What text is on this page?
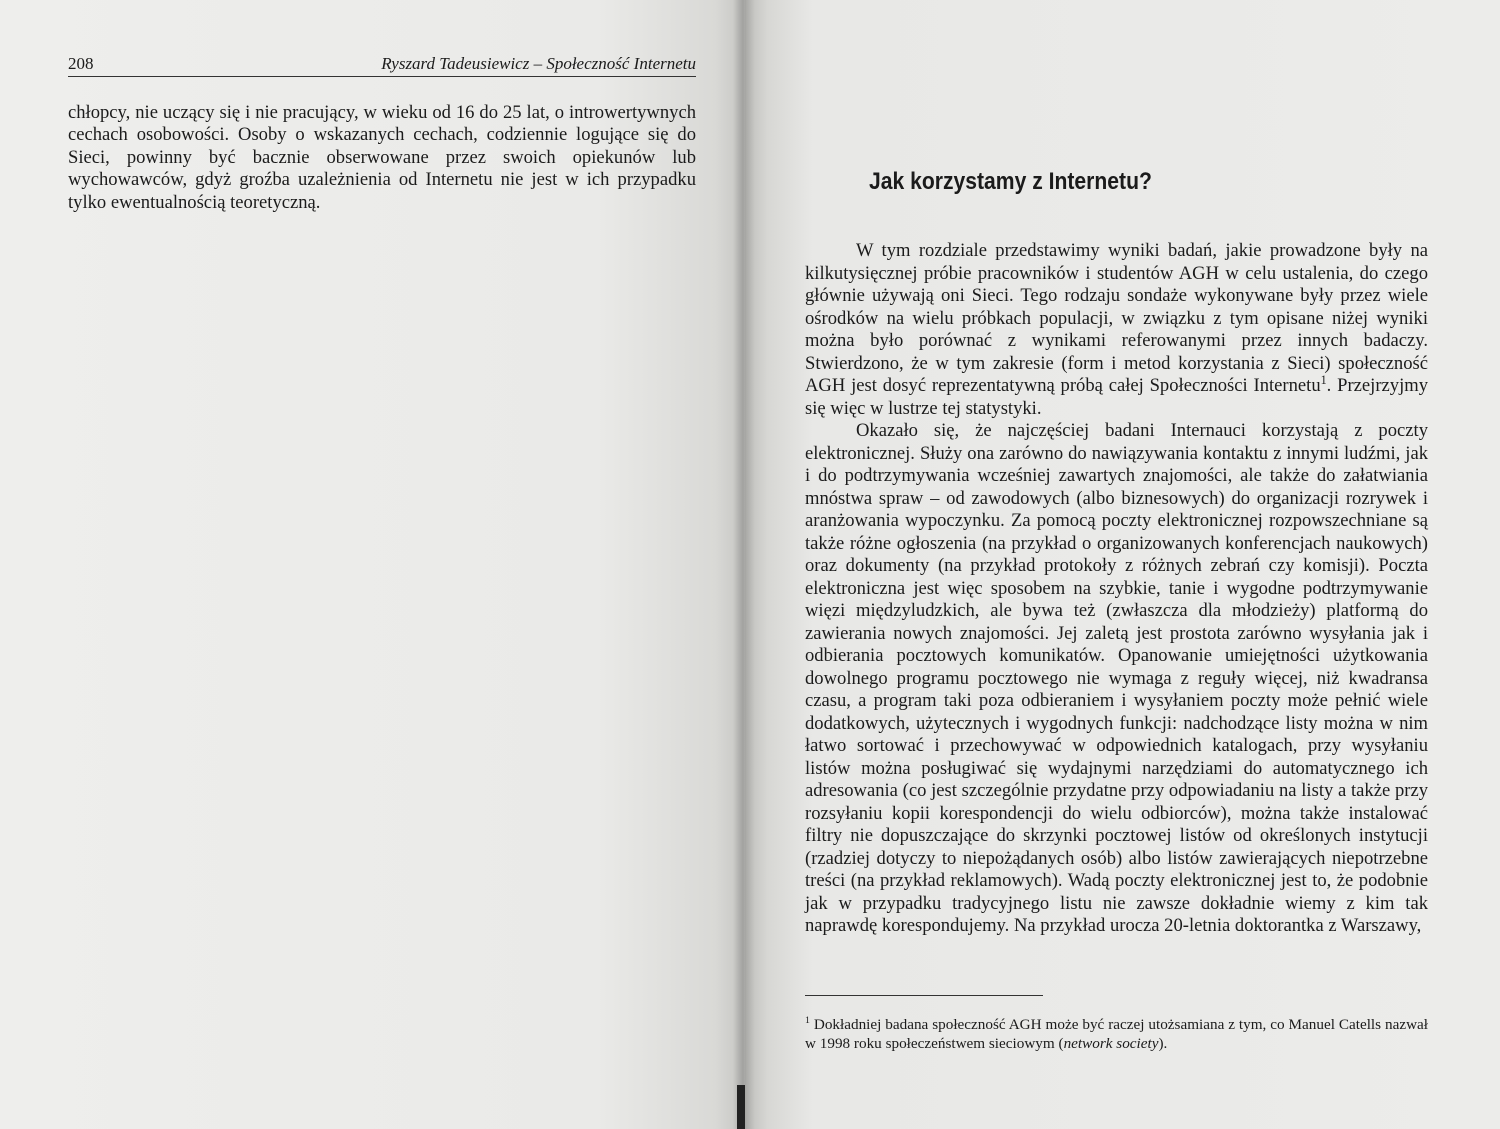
208	Ryszard Tadeusiewicz – Społeczność Internetu

chłopcy, nie uczący się i nie pracujący, w wieku od 16 do 25 lat, o introwertywnych cechach osobowości. Osoby o wskazanych cechach, codziennie logujące się do Sieci, powinny być bacznie obserwowane przez swoich opiekunów lub wychowawców, gdyż groźba uzależnienia od Internetu nie jest w ich przypadku tylko ewentualnością teoretyczną.

Jak korzystamy z Internetu?

W tym rozdziale przedstawimy wyniki badań, jakie prowadzone były na kilkutysięcznej próbie pracowników i studentów AGH w celu ustalenia, do czego głównie używają oni Sieci. Tego rodzaju sondaże wykonywane były przez wiele ośrodków na wielu próbkach populacji, w związku z tym opisane niżej wyniki można było porównać z wynikami referowanymi przez innych badaczy. Stwierdzono, że w tym zakresie (form i metod korzystania z Sieci) społeczność AGH jest dosyć reprezentatywną próbą całej Społeczności Internetu$^1$. Przejrzyjmy się więc w lustrze tej statystyki.

Okazało się, że najczęściej badani Internauci korzystają z poczty elektronicznej. Służy ona zarówno do nawiązywania kontaktu z innymi ludźmi, jak i do podtrzymywania wcześniej zawartych znajomości, ale także do załatwiania mnóstwa spraw – od zawodowych (albo biznesowych) do organizacji rozrywek i aranżowania wypoczynku. Za pomocą poczty elektronicznej rozpowszechniane są także różne ogłoszenia (na przykład o organizowanych konferencjach naukowych) oraz dokumenty (na przykład protokoły z różnych zebrań czy komisji). Poczta elektroniczna jest więc sposobem na szybkie, tanie i wygodne podtrzymywanie więzi międzyludzkich, ale bywa też (zwłaszcza dla młodzieży) platformą do zawierania nowych znajomości. Jej zaletą jest prostota zarówno wysyłania jak i odbierania pocztowych komunikatów. Opanowanie umiejętności użytkowania dowolnego programu pocztowego nie wymaga z reguły więcej, niż kwadransa czasu, a program taki poza odbieraniem i wysyłaniem poczty może pełnić wiele dodatkowych, użytecznych i wygodnych funkcji: nadchodzące listy można w nim łatwo sortować i przechowywać w odpowiednich katalogach, przy wysyłaniu listów można posługiwać się wydajnymi narzędziami do automatycznego ich adresowania (co jest szczególnie przydatne przy odpowiadaniu na listy a także przy rozsyłaniu kopii korespondencji do wielu odbiorców), można także instalować filtry nie dopuszczające do skrzynki pocztowej listów od określonych instytucji (rzadziej dotyczy to niepożądanych osób) albo listów zawierających niepotrzebne treści (na przykład reklamowych). Wadą poczty elektronicznej jest to, że podobnie jak w przypadku tradycyjnego listu nie zawsze dokładnie wiemy z kim tak naprawdę korespondujemy. Na przykład urocza 20-letnia doktorantka z Warszawy,

$^1$ Dokładniej badana społeczność AGH może być raczej utożsamiana z tym, co Manuel Catells nazwał w 1998 roku społeczeństwem sieciowym (network society).
